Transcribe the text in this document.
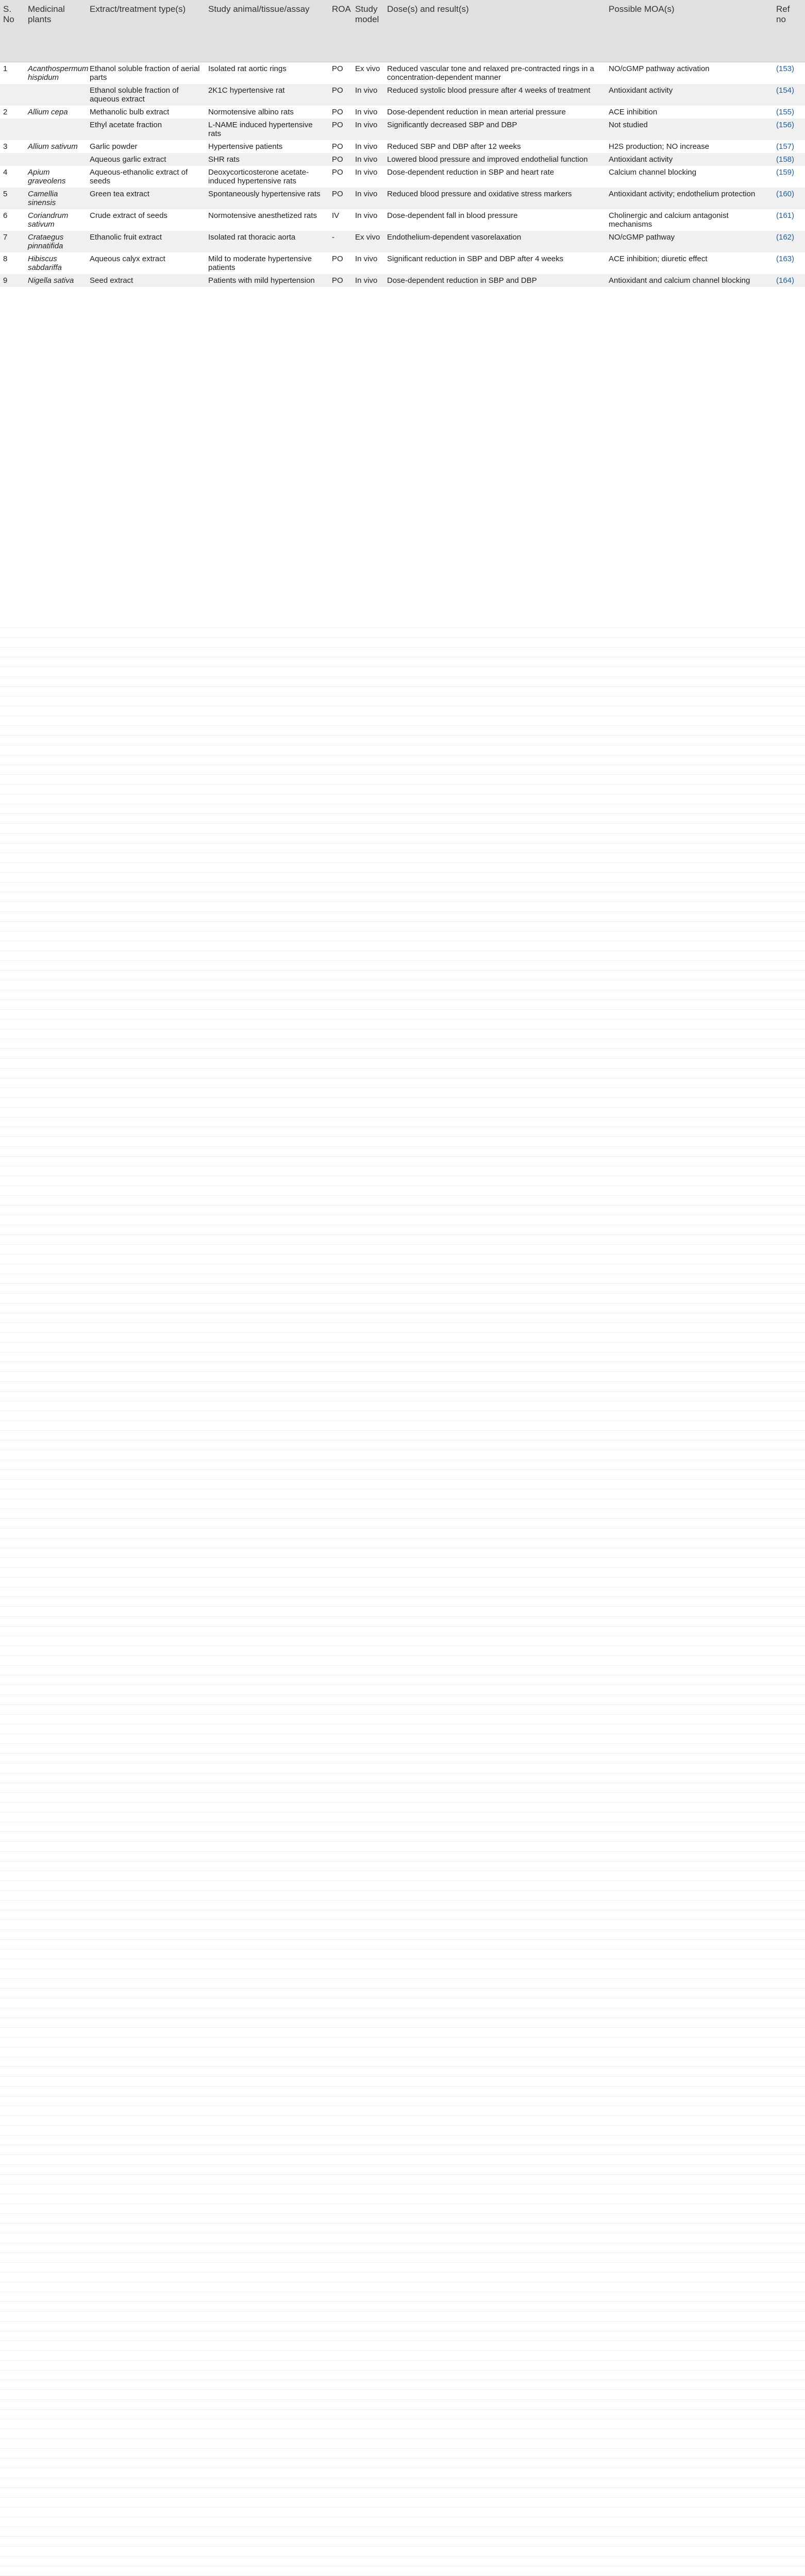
S. No	Medicinal plants	Extract/treatment type(s)	Study animal/tissue/assay	ROA	Study model	Dose(s) and result(s)	Possible MOA(s)	Ref no
1	Acanthospermum hispidum	Ethanol soluble fraction of aerial parts	Isolated rat aortic rings	PO	Ex vivo	Reduced vascular tone and relaxed pre-contracted rings in a concentration-dependent manner	NO/cGMP pathway activation	(153)
		Ethanol soluble fraction of aqueous extract	2K1C hypertensive rat	PO	In vivo	Reduced systolic blood pressure after 4 weeks of treatment	Antioxidant activity	(154)
2	Allium cepa	Methanolic bulb extract	Normotensive albino rats	PO	In vivo	Dose-dependent reduction in mean arterial pressure	ACE inhibition	(155)
		Ethyl acetate fraction	L-NAME induced hypertensive rats	PO	In vivo	Significantly decreased SBP and DBP	Not studied	(156)
3	Allium sativum	Garlic powder	Hypertensive patients	PO	In vivo	Reduced SBP and DBP after 12 weeks	H2S production; NO increase	(157)
		Aqueous garlic extract	SHR rats	PO	In vivo	Lowered blood pressure and improved endothelial function	Antioxidant activity	(158)
4	Apium graveolens	Aqueous-ethanolic extract of seeds	Deoxycorticosterone acetate-induced hypertensive rats	PO	In vivo	Dose-dependent reduction in SBP and heart rate	Calcium channel blocking	(159)
5	Camellia sinensis	Green tea extract	Spontaneously hypertensive rats	PO	In vivo	Reduced blood pressure and oxidative stress markers	Antioxidant activity; endothelium protection	(160)
6	Coriandrum sativum	Crude extract of seeds	Normotensive anesthetized rats	IV	In vivo	Dose-dependent fall in blood pressure	Cholinergic and calcium antagonist mechanisms	(161)
7	Crataegus pinnatifida	Ethanolic fruit extract	Isolated rat thoracic aorta	-	Ex vivo	Endothelium-dependent vasorelaxation	NO/cGMP pathway	(162)
8	Hibiscus sabdariffa	Aqueous calyx extract	Mild to moderate hypertensive patients	PO	In vivo	Significant reduction in SBP and DBP after 4 weeks	ACE inhibition; diuretic effect	(163)
9	Nigella sativa	Seed extract	Patients with mild hypertension	PO	In vivo	Dose-dependent reduction in SBP and DBP	Antioxidant and calcium channel blocking	(164)
